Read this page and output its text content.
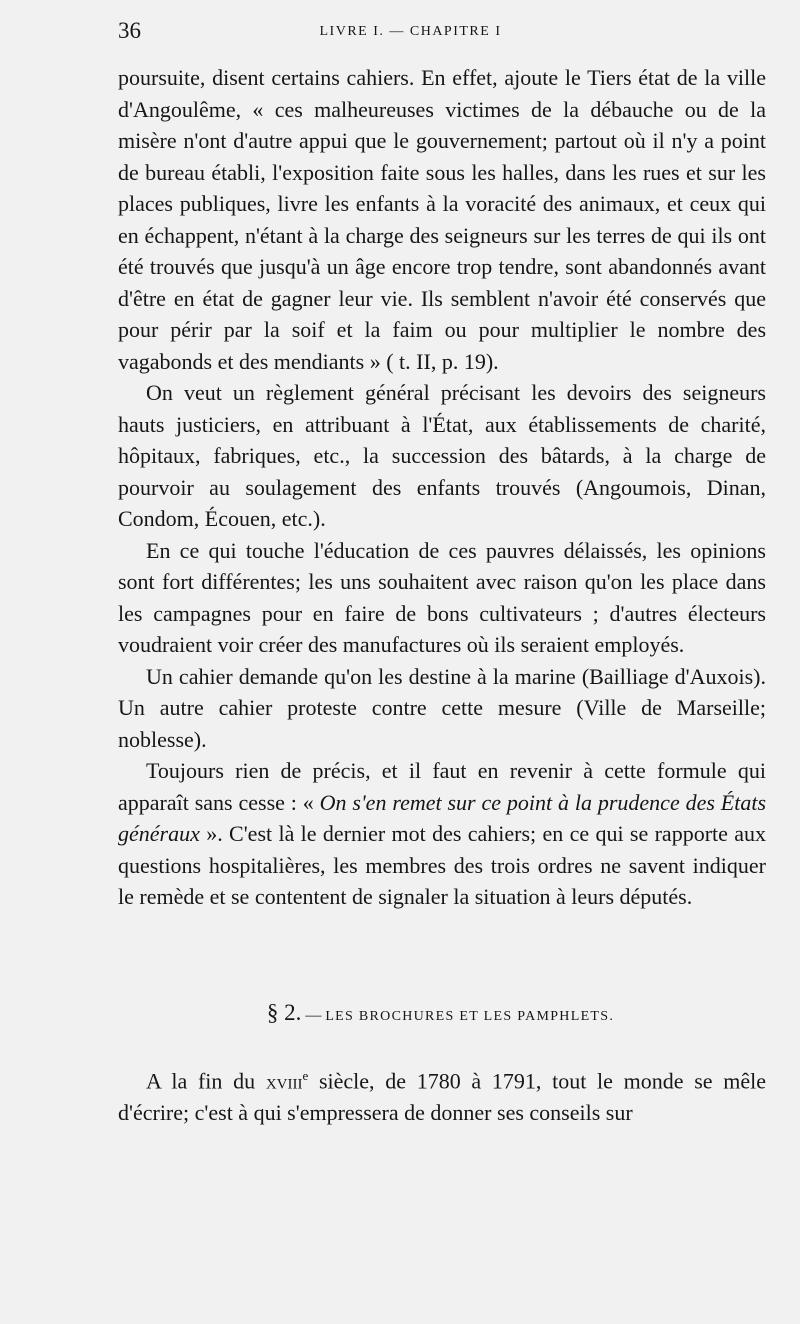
36	LIVRE I. — CHAPITRE I

poursuite, disent certains cahiers. En effet, ajoute le Tiers état de la ville d'Angoulême, « ces malheureuses victimes de la débauche ou de la misère n'ont d'autre appui que le gouvernement; partout où il n'y a point de bureau établi, l'exposition faite sous les halles, dans les rues et sur les places publiques, livre les enfants à la voracité des animaux, et ceux qui en échappent, n'étant à la charge des seigneurs sur les terres de qui ils ont été trouvés que jusqu'à un âge encore trop tendre, sont abandonnés avant d'être en état de gagner leur vie. Ils semblent n'avoir été conservés que pour périr par la soif et la faim ou pour multiplier le nombre des vagabonds et des mendiants » ( t. II, p. 19).

On veut un règlement général précisant les devoirs des seigneurs hauts justiciers, en attribuant à l'État, aux établissements de charité, hôpitaux, fabriques, etc., la succession des bâtards, à la charge de pourvoir au soulagement des enfants trouvés (Angoumois, Dinan, Condom, Écouen, etc.).

En ce qui touche l'éducation de ces pauvres délaissés, les opinions sont fort différentes; les uns souhaitent avec raison qu'on les place dans les campagnes pour en faire de bons cultivateurs ; d'autres électeurs voudraient voir créer des manufactures où ils seraient employés.

Un cahier demande qu'on les destine à la marine (Bailliage d'Auxois). Un autre cahier proteste contre cette mesure (Ville de Marseille; noblesse).

Toujours rien de précis, et il faut en revenir à cette formule qui apparaît sans cesse : « On s'en remet sur ce point à la prudence des États généraux ». C'est là le dernier mot des cahiers; en ce qui se rapporte aux questions hospitalières, les membres des trois ordres ne savent indiquer le remède et se contentent de signaler la situation à leurs députés.

§ 2. — LES BROCHURES ET LES PAMPHLETS.

A la fin du xviii$^e$ siècle, de 1780 à 1791, tout le monde se mêle d'écrire; c'est à qui s'empressera de donner ses conseils sur
